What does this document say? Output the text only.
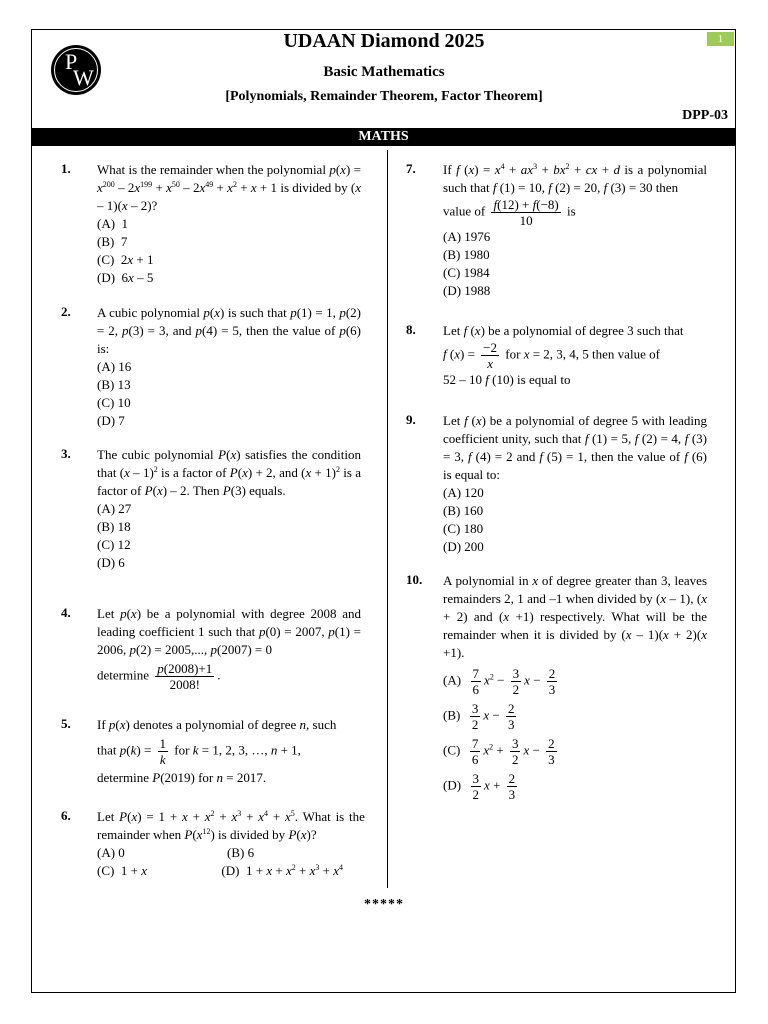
P
W
1
UDAAN Diamond 2025
Basic Mathematics
[Polynomials, Remainder Theorem, Factor Theorem]
DPP-03
MATHS
1. What is the remainder when the polynomial $p(x) = x^{200} - 2x^{199} + x^{50} - 2x^{49} + x^2 + x + 1$ is divided by (x – 1)(x – 2)?
(A) 1
(B) 7
(C)  2x + 1
(D)  6x – 5
2. A cubic polynomial p(x) is such that p(1) = 1, p(2) = 2, p(3) = 3, and p(4) = 5, then the value of p(6) is:
(A) 16
(B) 13
(C) 10
(D) 7
3. The cubic polynomial P(x) satisfies the condition that (x – 1)$^2$ is a factor of P(x) + 2, and $(x + 1)^2$ is a factor of P(x) – 2. Then P(3) equals.
(A) 27
(B) 18
(C) 12
(D) 6
4. Let p(x) be a polynomial with degree 2008 and leading coefficient 1 such that p(0) = 2007, p(1) = 2006, p(2) = 2005,..., p(2007) = 0
determine $\frac{p(2008)+1}{2008!}$ .
5. If p(x) denotes a polynomial of degree n, such
that $p(k) = \frac{1}{k}$ for k = 1, 2, 3, …, n + 1,
determine P(2019) for n = 2017.
6. Let $P(x) = 1 + x + x^2 + x^3 + x^4 + x^5$. What is the remainder when $P(x^{12})$ is divided by P(x)?
(A) 0	(B) 6
(C)  1 + x	(D)  $1 + x + x^2 + x^3 + x^4$
7. If f $(x) = x^4 + ax^3 + bx^2$ + cx + d is a polynomial such that f (1) = 10, f (2) = 20, f (3) = 30 then
value of $\frac{f(12) + f(-8)}{10}$ is
(A) 1976
(B) 1980
(C) 1984
(D) 1988
8. Let f (x) be a polynomial of degree 3 such that
f $(x) = \frac{-2}{x}$ for x = 2, 3, 4, 5 then value of
52 – 10 f (10) is equal to
9. Let f (x) be a polynomial of degree 5 with leading coefficient unity, such that f (1) = 5, f (2) = 4, f (3) = 3, f (4) = 2 and f (5) = 1, then the value of f (6) is equal to:
(A) 120
(B) 160
(C) 180
(D) 200
10. A polynomial in x of degree greater than 3, leaves remainders 2, 1 and –1 when divided by (x – 1), (x + 2) and (x +1) respectively. What will be the remainder when it is divided by (x – 1)(x + 2)(x +1).
$(A) \frac{7}{6} x^2 - \frac{3}{2}$ $x - \frac{2}{3}$
$(B) \frac{3}{2}$ $x - \frac{2}{3}$
$(C) \frac{7}{6} x^2 + \frac{3}{2}$ $x - \frac{2}{3}$
$(D) \frac{3}{2}$ $x + \frac{2}{3}$
*****
